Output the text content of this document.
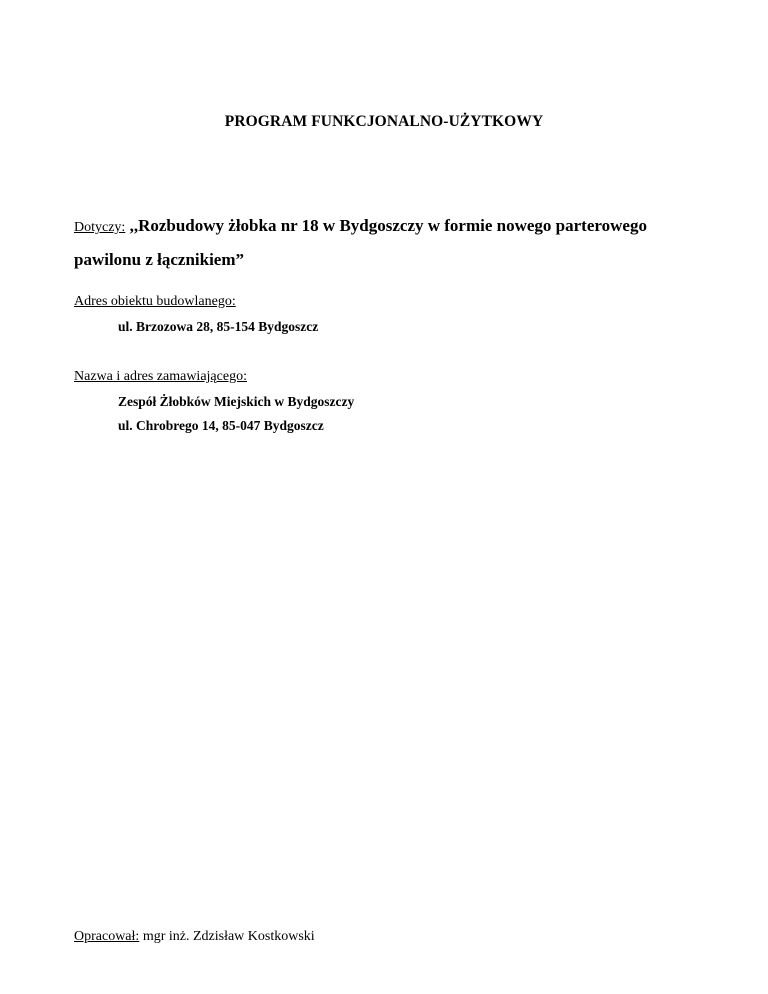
PROGRAM FUNKCJONALNO-UŻYTKOWY
Dotyczy: ,,Rozbudowy żłobka nr 18 w Bydgoszczy w formie nowego parterowego pawilonu z łącznikiem”
Adres obiektu budowlanego:
ul. Brzozowa 28, 85-154 Bydgoszcz
Nazwa i adres zamawiającego:
Zespół Żłobków Miejskich w Bydgoszczy
ul. Chrobrego 14, 85-047 Bydgoszcz
Opracował: mgr inż. Zdzisław Kostkowski
